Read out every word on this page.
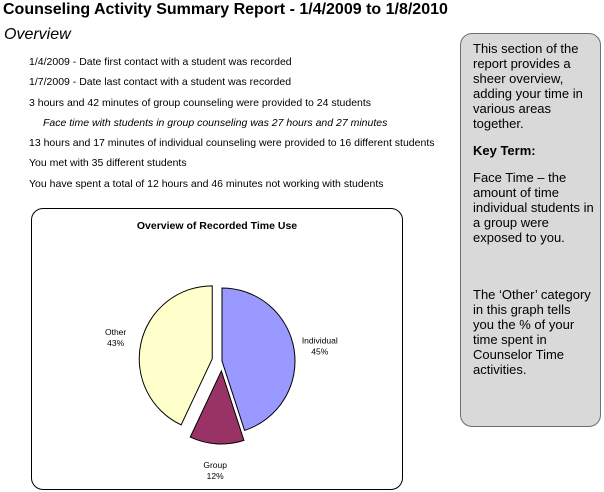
Counseling Activity Summary Report - 1/4/2009 to 1/8/2010
Overview
1/4/2009 - Date first contact with a student was recorded
1/7/2009 - Date last contact with a student was recorded
3 hours and 42 minutes of group counseling were provided to 24 students
Face time with students in group counseling was 27 hours and 27 minutes
13 hours and 17 minutes of individual counseling were provided to 16 different students
You met with 35 different students
You have spent a total of 12 hours and 46 minutes not working with students
Overview of Recorded Time Use
Individual
45%
Group
12%
Other
43%

This section of the report provides a sheer overview, adding your time in various areas together.

Key Term:

Face Time – the amount of time individual students in a group were exposed to you.

The ‘Other’ category in this graph tells you the % of your time spent in Counselor Time activities.
